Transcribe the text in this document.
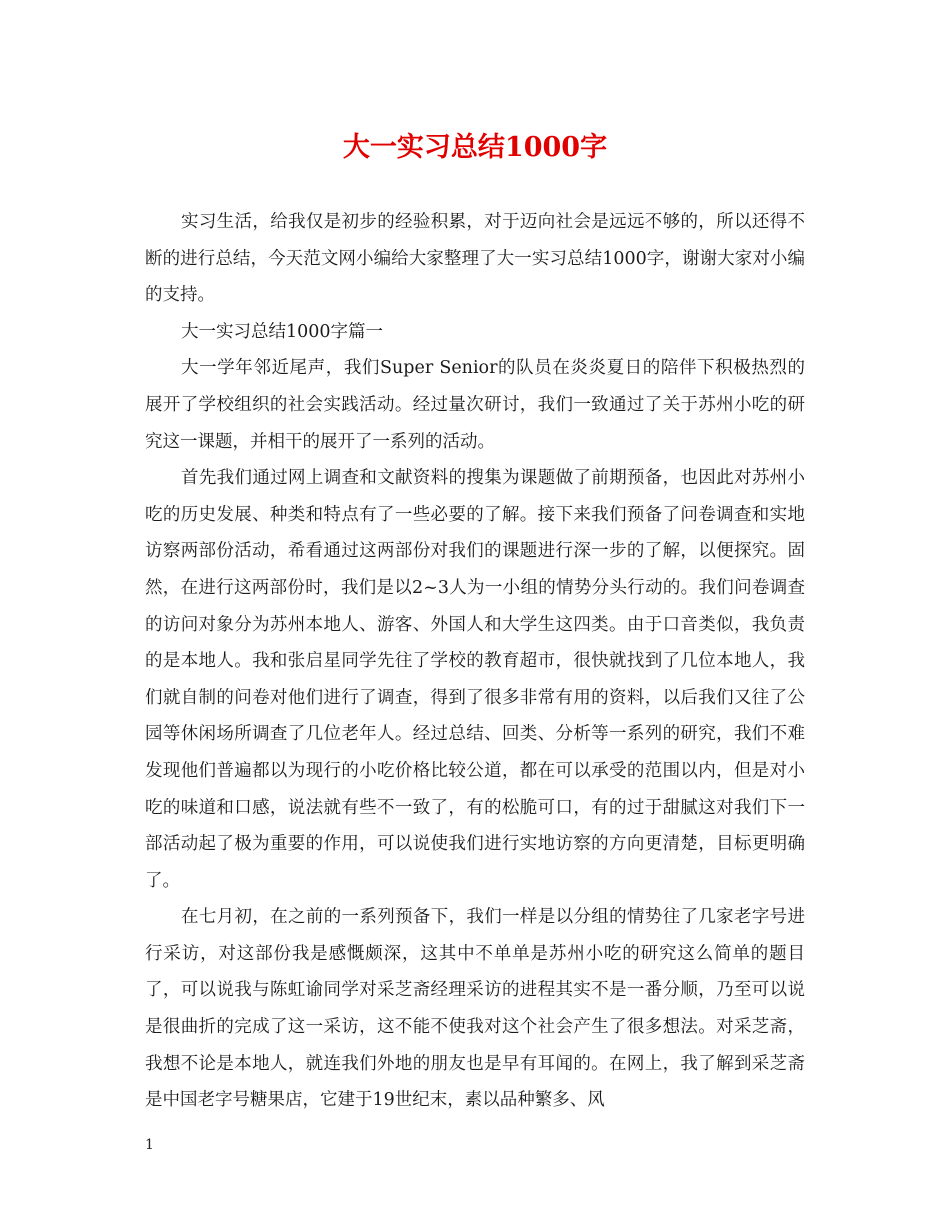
大一实习总结1000字

实习生活，给我仅是初步的经验积累，对于迈向社会是远远不够的，所以还得不断的进行总结，今天范文网小编给大家整理了大一实习总结1000字，谢谢大家对小编的支持。

大一实习总结1000字篇一

大一学年邻近尾声，我们Super Senior的队员在炎炎夏日的陪伴下积极热烈的展开了学校组织的社会实践活动。经过量次研讨，我们一致通过了关于苏州小吃的研究这一课题，并相干的展开了一系列的活动。

首先我们通过网上调查和文献资料的搜集为课题做了前期预备，也因此对苏州小吃的历史发展、种类和特点有了一些必要的了解。接下来我们预备了问卷调查和实地访察两部份活动，希看通过这两部份对我们的课题进行深一步的了解，以便探究。固然，在进行这两部份时，我们是以2~3人为一小组的情势分头行动的。我们问卷调查的访问对象分为苏州本地人、游客、外国人和大学生这四类。由于口音类似，我负责的是本地人。我和张启星同学先往了学校的教育超市，很快就找到了几位本地人，我们就自制的问卷对他们进行了调查，得到了很多非常有用的资料，以后我们又往了公园等休闲场所调查了几位老年人。经过总结、回类、分析等一系列的研究，我们不难发现他们普遍都以为现行的小吃价格比较公道，都在可以承受的范围以内，但是对小吃的味道和口感，说法就有些不一致了，有的松脆可口，有的过于甜腻这对我们下一部活动起了极为重要的作用，可以说使我们进行实地访察的方向更清楚，目标更明确了。

在七月初，在之前的一系列预备下，我们一样是以分组的情势往了几家老字号进行采访，对这部份我是感慨颇深，这其中不单单是苏州小吃的研究这么简单的题目了，可以说我与陈虹谕同学对采芝斋经理采访的进程其实不是一番分顺，乃至可以说是很曲折的完成了这一采访，这不能不使我对这个社会产生了很多想法。对采芝斋，我想不论是本地人，就连我们外地的朋友也是早有耳闻的。在网上，我了解到采芝斋是中国老字号糖果店，它建于19世纪末，素以品种繁多、风

1
